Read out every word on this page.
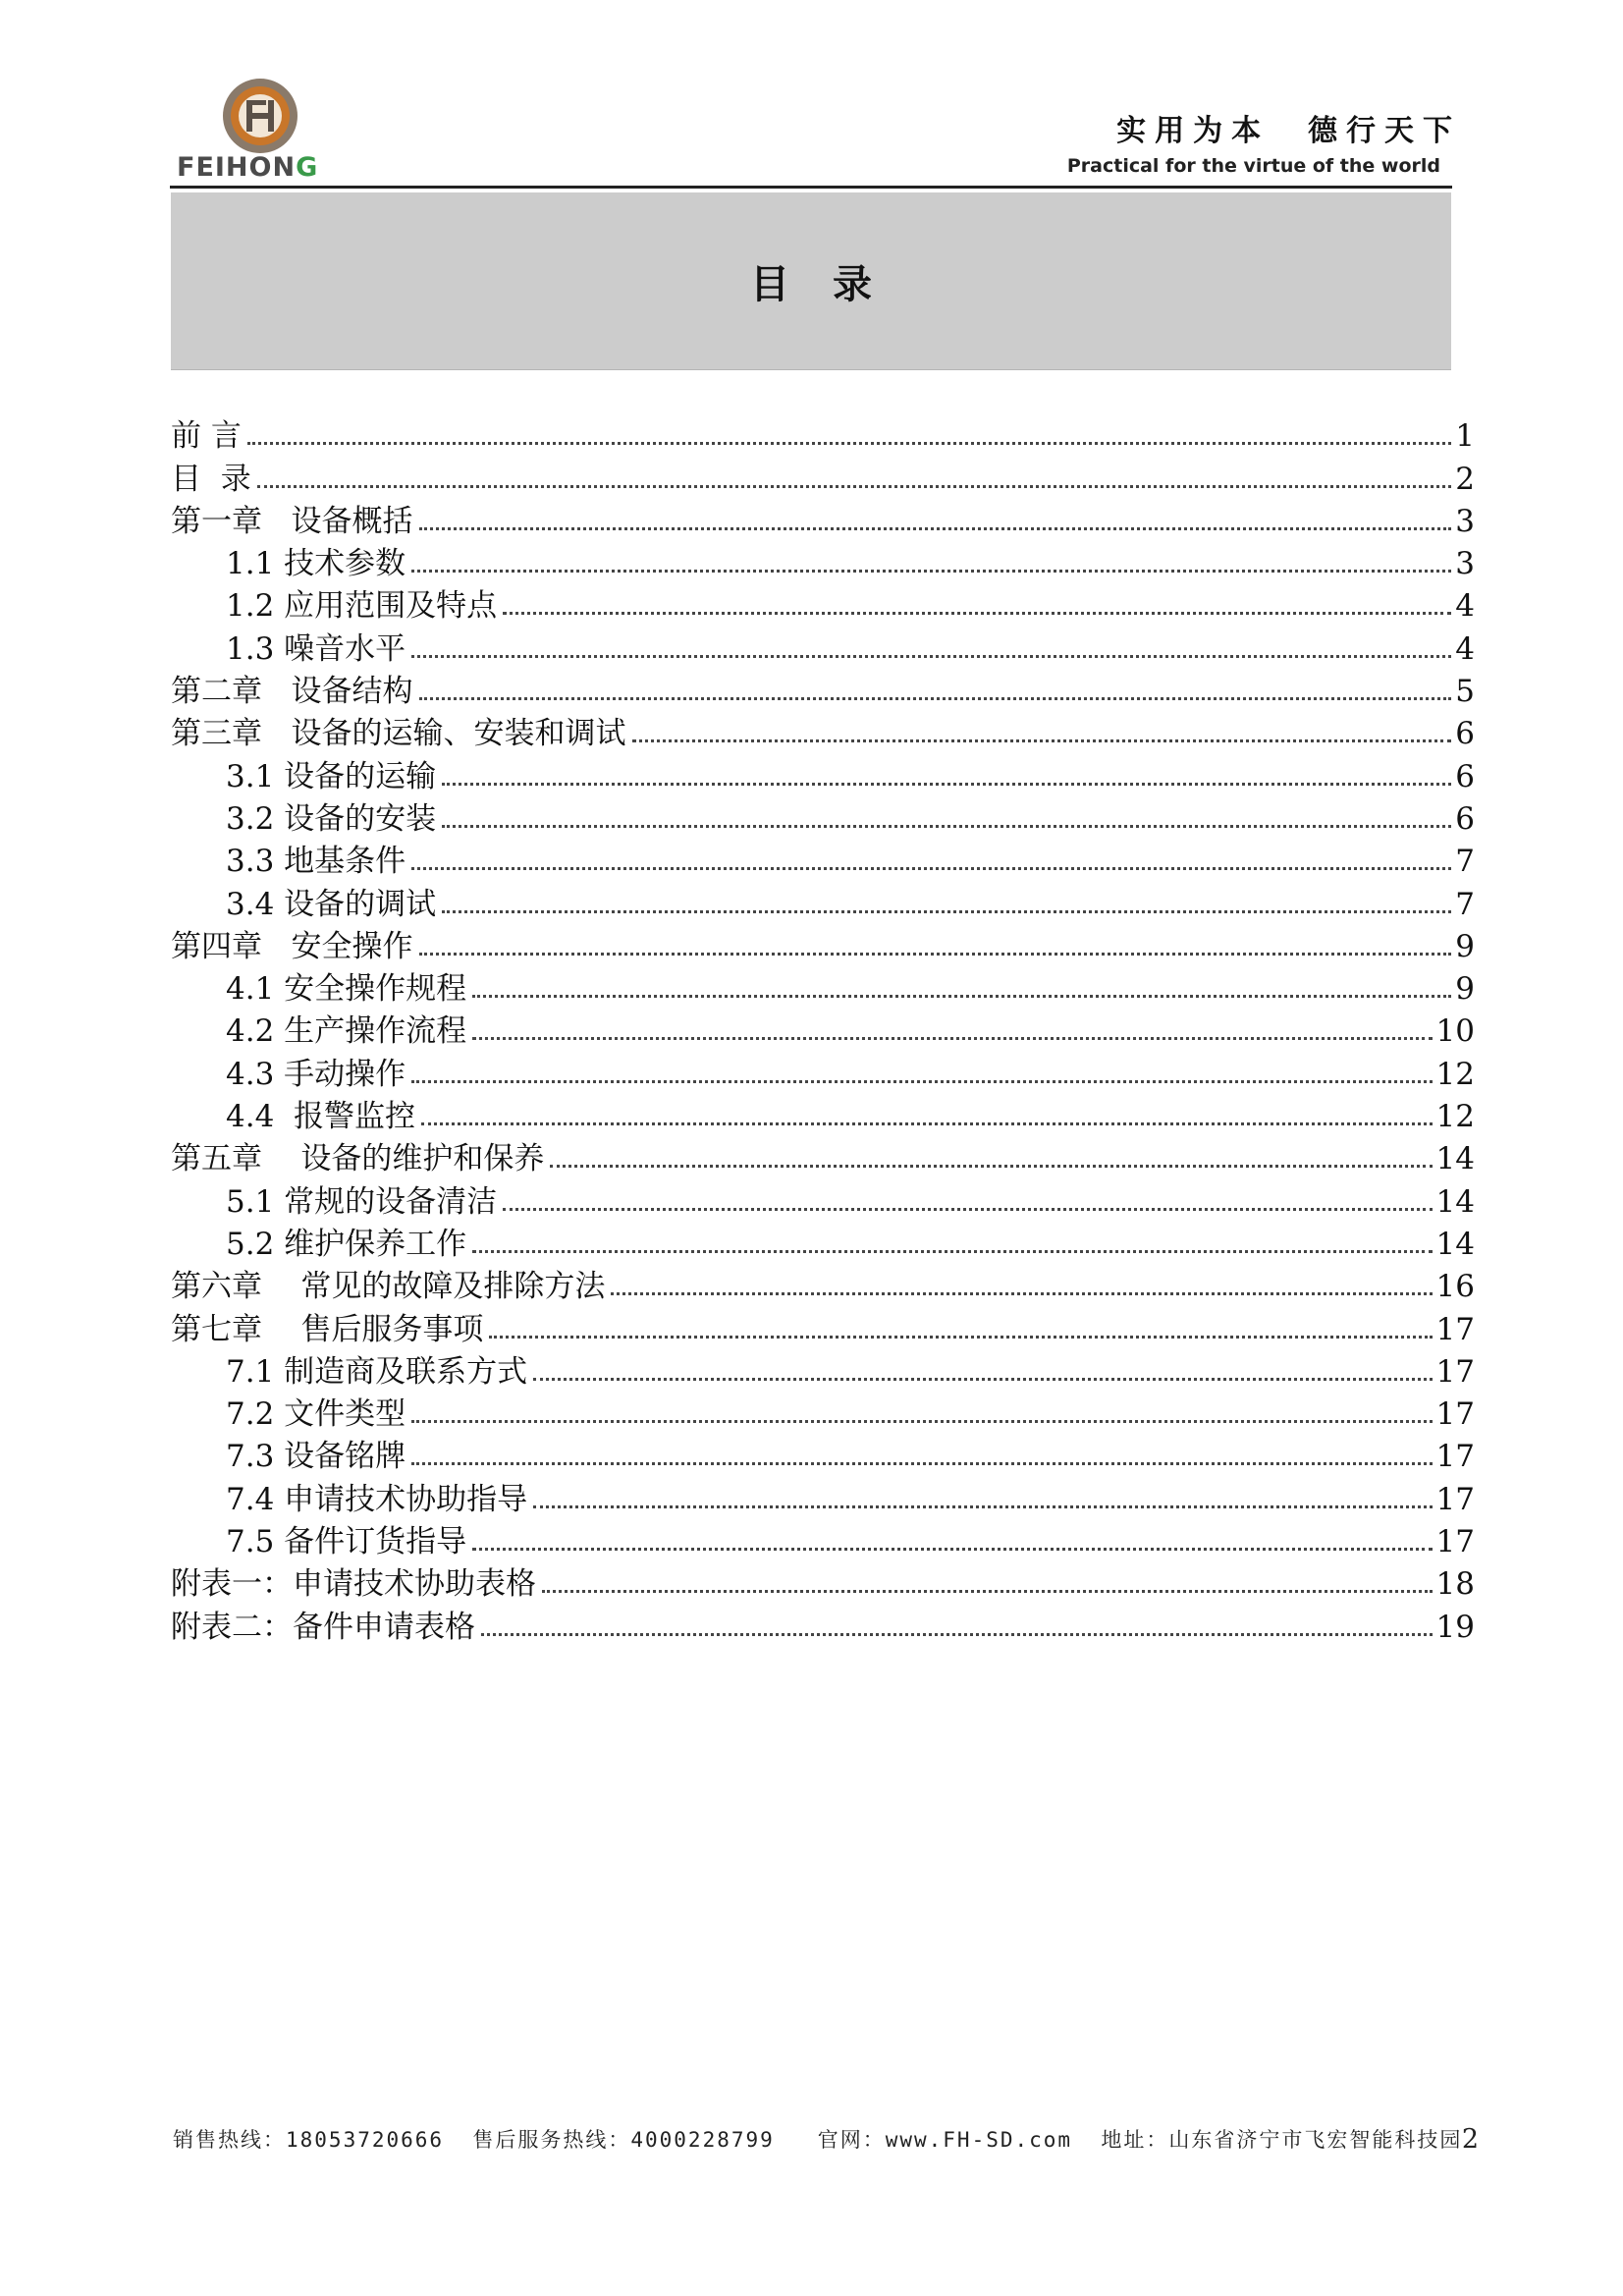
FEIHONG
实用为本  德行天下
Practical for the virtue of the world
目录
前 言	1
目  录	2
第一章   设备概括	3
1.1 技术参数	3
1.2 应用范围及特点	4
1.3 噪音水平	4
第二章   设备结构	5
第三章   设备的运输、安装和调试	6
3.1 设备的运输	6
3.2 设备的安装	6
3.3 地基条件	7
3.4 设备的调试	7
第四章   安全操作	9
4.1 安全操作规程	9
4.2 生产操作流程	10
4.3 手动操作	12
4.4  报警监控	12
第五章    设备的维护和保养	14
5.1 常规的设备清洁	14
5.2 维护保养工作	14
第六章    常见的故障及排除方法	16
第七章    售后服务事项	17
7.1 制造商及联系方式	17
7.2 文件类型	17
7.3 设备铭牌	17
7.4 申请技术协助指导	17
7.5 备件订货指导	17
附表一：申请技术协助表格	18
附表二：备件申请表格	19
销售热线：18053720666  售后服务热线：4000228799   官网：www.FH-SD.com  地址：山东省济宁市飞宏智能科技园 2
